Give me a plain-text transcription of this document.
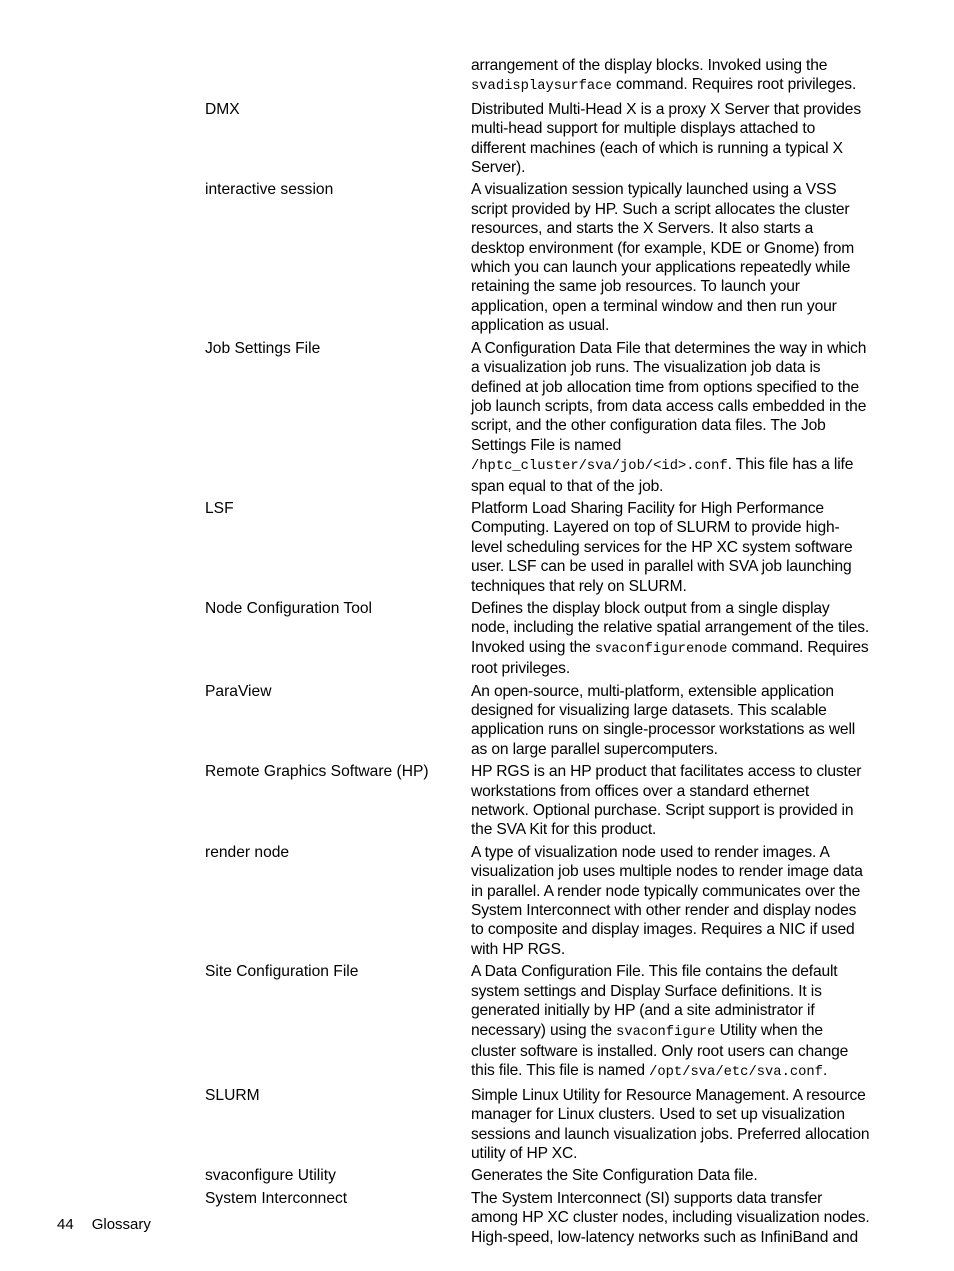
arrangement of the display blocks. Invoked using the svadisplaysurface command. Requires root privileges.

DMX	Distributed Multi-Head X is a proxy X Server that provides multi-head support for multiple displays attached to different machines (each of which is running a typical X Server).

interactive session	A visualization session typically launched using a VSS script provided by HP. Such a script allocates the cluster resources, and starts the X Servers. It also starts a desktop environment (for example, KDE or Gnome) from which you can launch your applications repeatedly while retaining the same job resources. To launch your application, open a terminal window and then run your application as usual.

Job Settings File	A Configuration Data File that determines the way in which a visualization job runs. The visualization job data is defined at job allocation time from options specified to the job launch scripts, from data access calls embedded in the script, and the other configuration data files. The Job Settings File is named /hptc_cluster/sva/job/<id>.conf. This file has a life span equal to that of the job.

LSF	Platform Load Sharing Facility for High Performance Computing. Layered on top of SLURM to provide high-level scheduling services for the HP XC system software user. LSF can be used in parallel with SVA job launching techniques that rely on SLURM.

Node Configuration Tool	Defines the display block output from a single display node, including the relative spatial arrangement of the tiles. Invoked using the svaconfigurenode command. Requires root privileges.

ParaView	An open-source, multi-platform, extensible application designed for visualizing large datasets. This scalable application runs on single-processor workstations as well as on large parallel supercomputers.

Remote Graphics Software (HP)	HP RGS is an HP product that facilitates access to cluster workstations from offices over a standard ethernet network. Optional purchase. Script support is provided in the SVA Kit for this product.

render node	A type of visualization node used to render images. A visualization job uses multiple nodes to render image data in parallel. A render node typically communicates over the System Interconnect with other render and display nodes to composite and display images. Requires a NIC if used with HP RGS.

Site Configuration File	A Data Configuration File. This file contains the default system settings and Display Surface definitions. It is generated initially by HP (and a site administrator if necessary) using the svaconfigure Utility when the cluster software is installed. Only root users can change this file. This file is named /opt/sva/etc/sva.conf.

SLURM	Simple Linux Utility for Resource Management. A resource manager for Linux clusters. Used to set up visualization sessions and launch visualization jobs. Preferred allocation utility of HP XC.

svaconfigure Utility	Generates the Site Configuration Data file.

System Interconnect	The System Interconnect (SI) supports data transfer among HP XC cluster nodes, including visualization nodes. High-speed, low-latency networks such as InfiniBand and

44 Glossary
